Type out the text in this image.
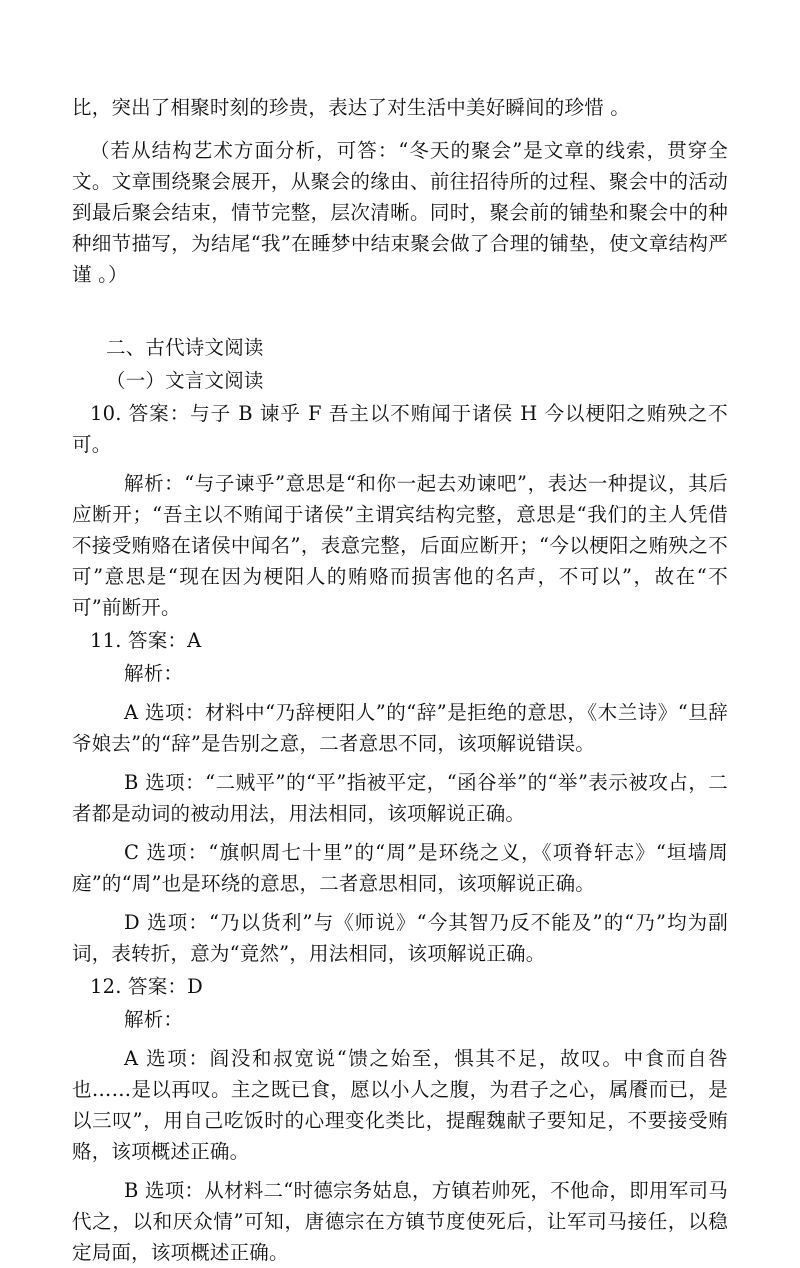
比，突出了相聚时刻的珍贵，表达了对生活中美好瞬间的珍惜 。

（若从结构艺术方面分析，可答：“冬天的聚会”是文章的线索，贯穿全文。文章围绕聚会展开，从聚会的缘由、前往招待所的过程、聚会中的活动到最后聚会结束，情节完整，层次清晰。同时，聚会前的铺垫和聚会中的种种细节描写，为结尾“我”在睡梦中结束聚会做了合理的铺垫，使文章结构严谨 。）

二、古代诗文阅读

（一）文言文阅读

10. 答案：与子 B 谏乎 F 吾主以不贿闻于诸侯 H 今以梗阳之贿殃之不可。

解析：“与子谏乎”意思是“和你一起去劝谏吧”，表达一种提议，其后应断开；“吾主以不贿闻于诸侯”主谓宾结构完整，意思是“我们的主人凭借不接受贿赂在诸侯中闻名”，表意完整，后面应断开；“今以梗阳之贿殃之不可”意思是“现在因为梗阳人的贿赂而损害他的名声，不可以”，故在“不可”前断开。

11. 答案：A

解析：

A 选项：材料中“乃辞梗阳人”的“辞”是拒绝的意思，《木兰诗》“旦辞爷娘去”的“辞”是告别之意，二者意思不同，该项解说错误。

B 选项：“二贼平”的“平”指被平定，“函谷举”的“举”表示被攻占，二者都是动词的被动用法，用法相同，该项解说正确。

C 选项：“旗帜周七十里”的“周”是环绕之义，《项脊轩志》“垣墙周庭”的“周”也是环绕的意思，二者意思相同，该项解说正确。

D 选项：“乃以货利”与《师说》“今其智乃反不能及”的“乃”均为副词，表转折，意为“竟然”，用法相同，该项解说正确。

12. 答案：D

解析：

A 选项：阎没和叔宽说“馈之始至，惧其不足，故叹。中食而自咎也……是以再叹。主之既已食，愿以小人之腹，为君子之心，属餍而已，是以三叹”，用自己吃饭时的心理变化类比，提醒魏献子要知足，不要接受贿赂，该项概述正确。

B 选项：从材料二“时德宗务姑息，方镇若帅死，不他命，即用军司马代之，以和厌众情”可知，唐德宗在方镇节度使死后，让军司马接任，以稳定局面，该项概述正确。
